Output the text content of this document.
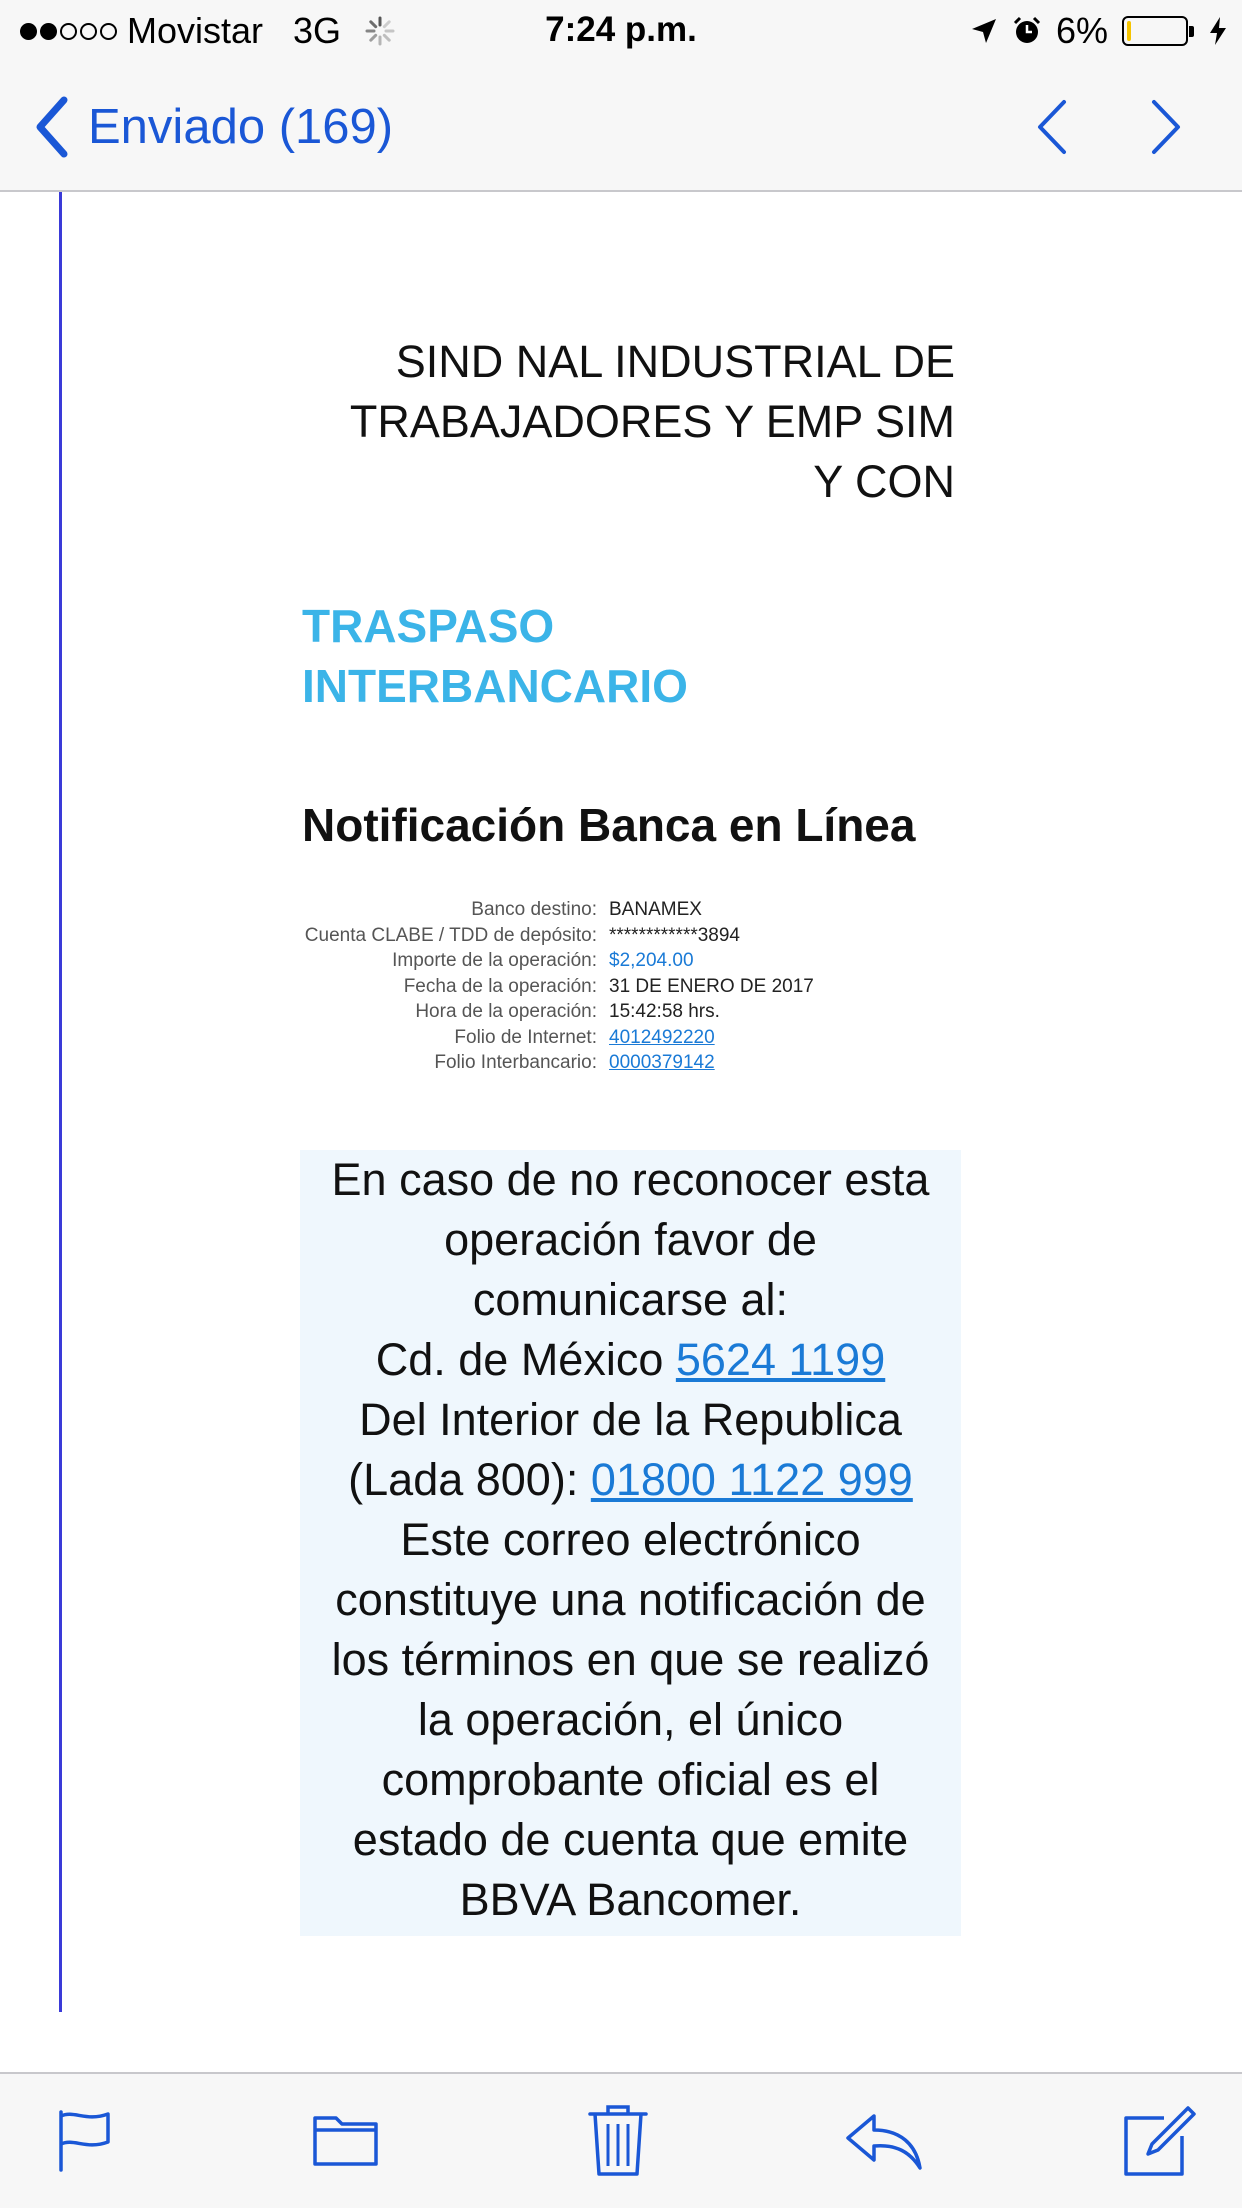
Movistar 3G	7:24 p.m.	6%
Enviado (169)
SIND NAL INDUSTRIAL DE
TRABAJADORES Y EMP SIM
Y CON
TRASPASO
INTERBANCARIO
Notificación Banca en Línea
Banco destino: BANAMEX
Cuenta CLABE / TDD de depósito: ************3894
Importe de la operación: $2,204.00
Fecha de la operación: 31 DE ENERO DE 2017
Hora de la operación: 15:42:58 hrs.
Folio de Internet: 4012492220
Folio Interbancario: 0000379142
En caso de no reconocer esta
operación favor de
comunicarse al:
Cd. de México 5624 1199
Del Interior de la Republica
(Lada 800): 01800 1122 999
Este correo electrónico
constituye una notificación de
los términos en que se realizó
la operación, el único
comprobante oficial es el
estado de cuenta que emite
BBVA Bancomer.
